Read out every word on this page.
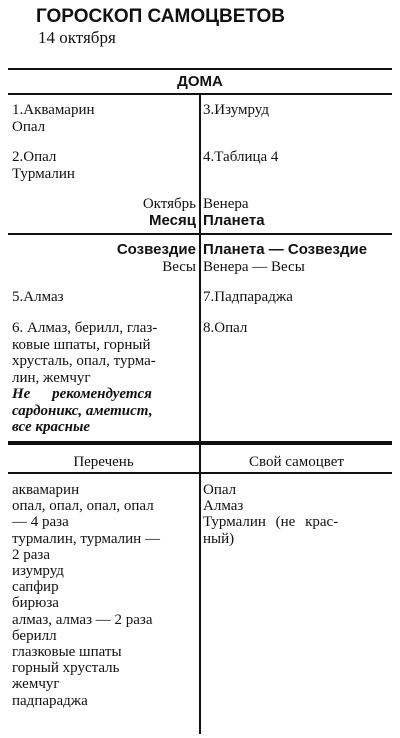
ГОРОСКОП САМОЦВЕТОВ
14 октября
ДОМА
1.Аквамарин
Опал
3.Изумруд
2.Опал
Турмалин
4.Таблица 4
Октябрь
Месяц
Венера
Планета
Созвездие
Весы
Планета — Созвездие
Венера — Весы
5.Алмаз	7.Падпараджа
6. Алмаз, берилл, глаз-
ковые шпаты, горный
хрусталь, опал, турма-
лин, жемчуг
Не рекомендуется
сардоникс, аметист,
все красные
8.Опал
Перечень	Свой самоцвет
аквамарин
опал, опал, опал, опал
— 4 раза
турмалин, турмалин —
2 раза
изумруд
сапфир
бирюза
алмаз, алмаз — 2 раза
берилл
глазковые шпаты
горный хрусталь
жемчуг
падпараджа
Опал
Алмаз
Турмалин (не крас-
ный)
